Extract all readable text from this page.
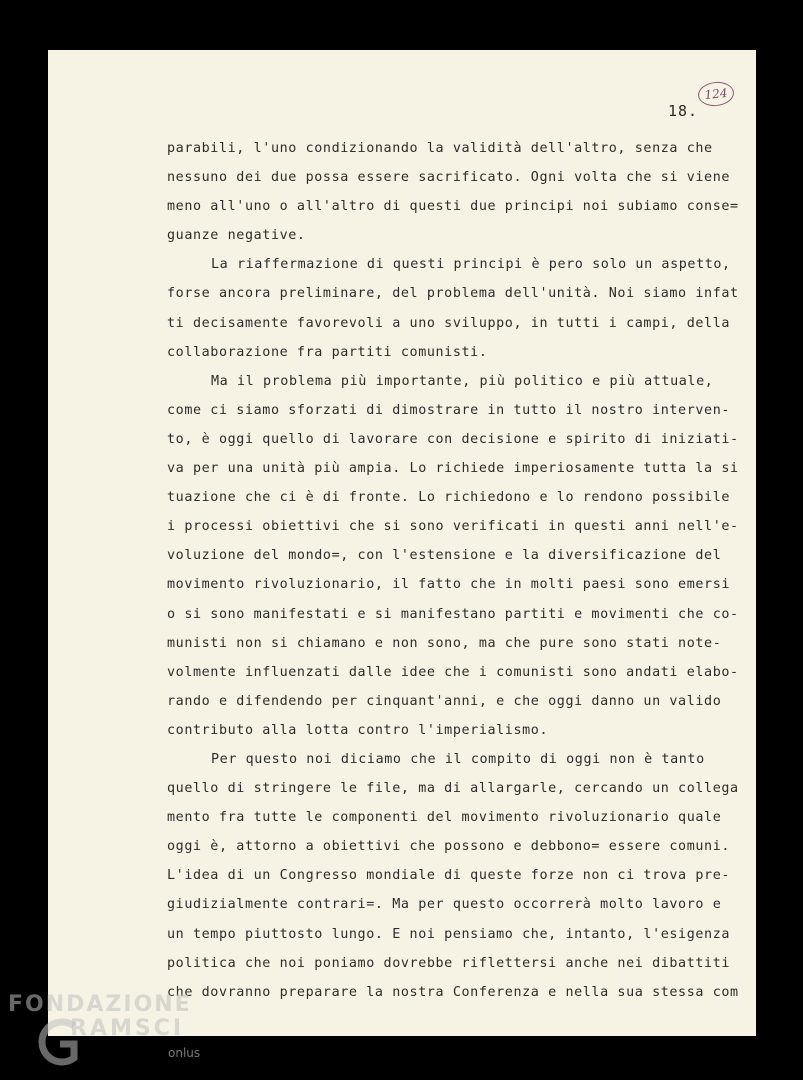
124
18.
parabili, l'uno condizionando la validità dell'altro, senza che
nessuno dei due possa essere sacrificato. Ogni volta che si viene
meno all'uno o all'altro di questi due principi noi subiamo conse=
guanze negative.
La riaffermazione di questi principi è pero solo un aspetto,
forse ancora preliminare, del problema dell'unità. Noi siamo infat
ti decisamente favorevoli a uno sviluppo, in tutti i campi, della
collaborazione fra partiti comunisti.
Ma il problema più importante, più politico e più attuale,
come ci siamo sforzati di dimostrare in tutto il nostro interven-
to, è oggi quello di lavorare con decisione e spirito di iniziati-
va per una unità più ampia. Lo richiede imperiosamente tutta la si
tuazione che ci è di fronte. Lo richiedono e lo rendono possibile
i processi obiettivi che si sono verificati in questi anni nell'e-
voluzione del mondo=, con l'estensione e la diversificazione del
movimento rivoluzionario, il fatto che in molti paesi sono emersi
o si sono manifestati e si manifestano partiti e movimenti che co-
munisti non si chiamano e non sono, ma che pure sono stati note-
volmente influenzati dalle idee che i comunisti sono andati elabo-
rando e difendendo per cinquant'anni, e che oggi danno un valido
contributo alla lotta contro l'imperialismo.
Per questo noi diciamo che il compito di oggi non è tanto
quello di stringere le file, ma di allargarle, cercando un collega
mento fra tutte le componenti del movimento rivoluzionario quale
oggi è, attorno a obiettivi che possono e debbono= essere comuni.
L'idea di un Congresso mondiale di queste forze non ci trova pre-
giudizialmente contrari=. Ma per questo occorrerà molto lavoro e
un tempo piuttosto lungo. E noi pensiamo che, intanto, l'esigenza
politica che noi poniamo dovrebbe riflettersi anche nei dibattiti
che dovranno preparare la nostra Conferenza e nella sua stessa com
FONDAZIONE
RAMSCI
onlus
